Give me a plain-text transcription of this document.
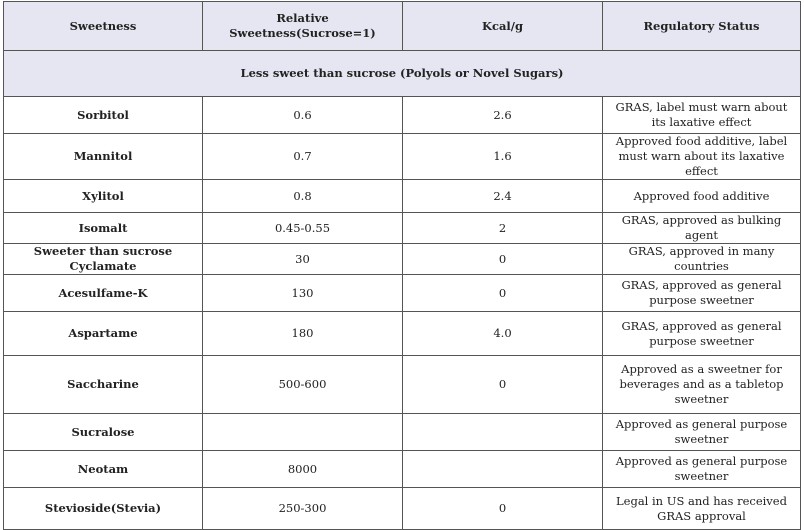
Sweetness	Relative Sweetness(Sucrose=1)	Kcal/g	Regulatory Status
Less sweet than sucrose (Polyols or Novel Sugars)			
Sorbitol	0.6	2.6	GRAS, label must warn about its laxative effect
Mannitol	0.7	1.6	Approved food additive, label must warn about its laxative effect
Xylitol	0.8	2.4	Approved food additive
Isomalt	0.45-0.55	2	GRAS, approved as bulking agent
Sweeter than sucrose Cyclamate	30	0	GRAS, approved in many countries
Acesulfame-K	130	0	GRAS, approved as general purpose sweetner
Aspartame	180	4.0	GRAS, approved as general purpose sweetner
Saccharine	500-600	0	Approved as a sweetner for beverages and as a tabletop sweetner
Sucralose			Approved as general purpose sweetner
Neotam	8000		Approved as general purpose sweetner
Stevioside(Stevia)	250-300	0	Legal in US and has received GRAS approval
